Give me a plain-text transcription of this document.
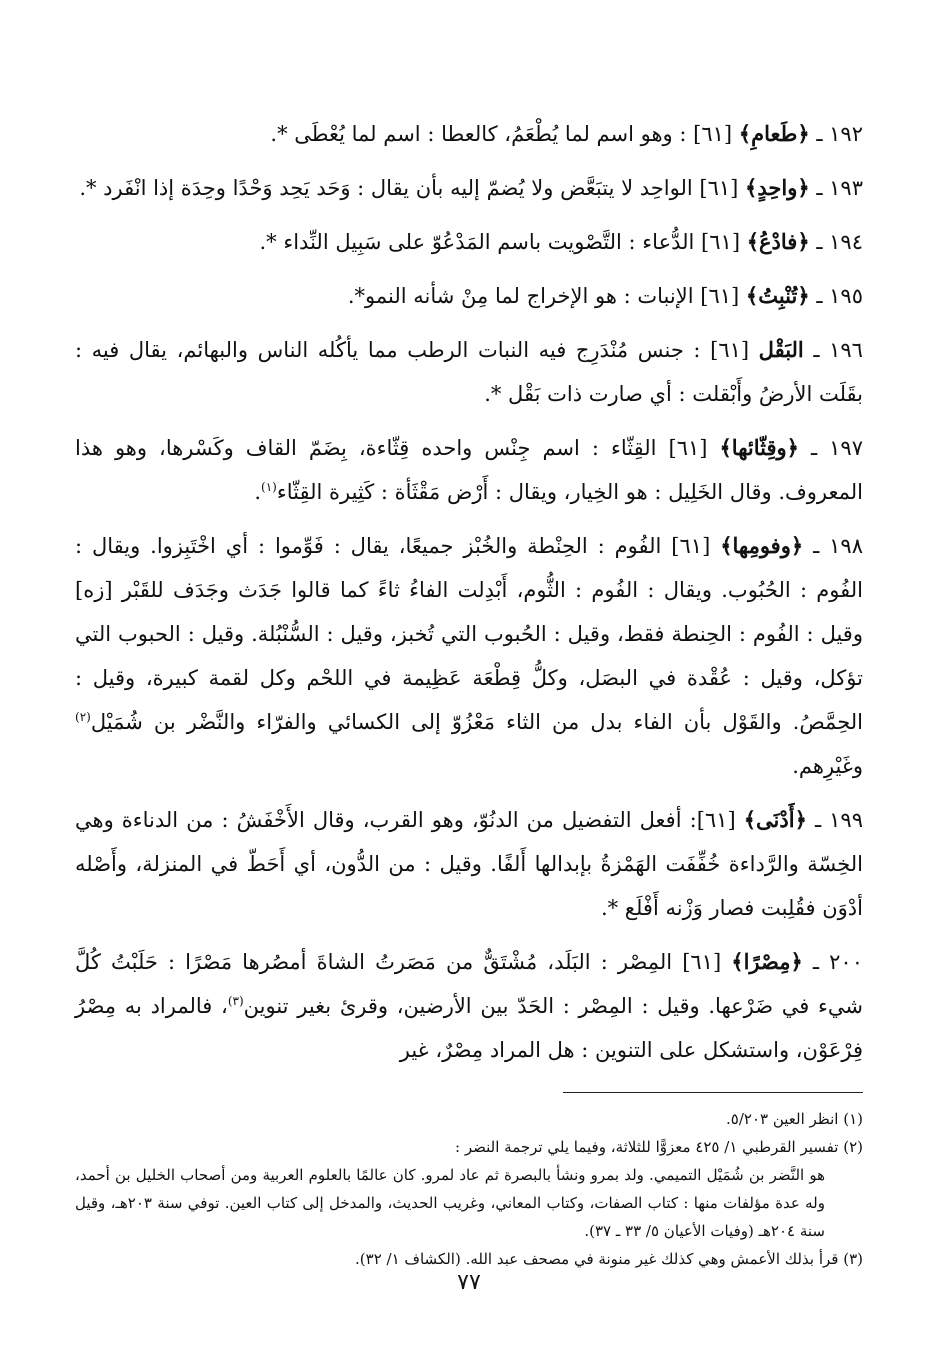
١٩٢ ـ ﴿طَعامِ﴾ [٦١] : وهو اسم لما يُطْعَمُ، كالعطا : اسم لما يُعْطَى *.

١٩٣ ـ ﴿واحِدٍ﴾ [٦١] الواحِد لا يتبَعَّض ولا يُضمّ إليه بأن يقال : وَحَد يَحِد وَحْدًا وحِدَة إذا انْفَرد *.

١٩٤ ـ ﴿فادْعُ﴾ [٦١] الدُّعاء : التَّصْويت باسم المَدْعُوّ على سَبِيل النِّداء *.

١٩٥ ـ ﴿تُنْبِتُ﴾ [٦١] الإنبات : هو الإخراج لما مِنْ شأنه النمو*.

١٩٦ ـ البَقْل [٦١] : جنس مُنْدَرِج فيه النبات الرطب مما يأكُله الناس والبهائم، يقال فيه : بقَلَت الأرضُ وأَبْقلت : أي صارت ذات بَقْل *.

١٩٧ ـ ﴿وقِثّائها﴾ [٦١] القِثّاء : اسم جِنْس واحده قِثّاءة، بِضَمّ القاف وكَسْرها، وهو هذا المعروف. وقال الخَلِيل : هو الخِيار، ويقال : أَرْض مَقْثَأة : كَثِيرة القِثّاء$^{(١)}$.

١٩٨ ـ ﴿وفومِها﴾ [٦١] الفُوم : الحِنْطة والخُبْز جميعًا، يقال : فَوِّموا : أي اخْتَبِزوا. ويقال : الفُوم : الحُبُوب. ويقال : الفُوم : الثُّوم، أَبْدِلت الفاءُ ثاءً كما قالوا جَدَث وجَدَف للقَبْر [زه] وقيل : الفُوم : الحِنطة فقط، وقيل : الحُبوب التي تُخبز، وقيل : السُّنْبُلة. وقيل : الحبوب التي تؤكل، وقيل : عُقْدة في البصَل، وكلُّ قِطْعَة عَظِيمة في اللحْم وكل لقمة كبيرة، وقيل : الحِمَّصُ. والقَوْل بأن الفاء بدل من الثاء مَعْزُوّ إلى الكسائي والفرّاء والنَّضْر بن شُمَيْل$^{(٢)}$ وغَيْرِهم.

١٩٩ ـ ﴿أَدْنَى﴾ [٦١]: أفعل التفضيل من الدنُوّ، وهو القرب، وقال الأَخْفَشُ : من الدناءة وهي الخِسّة والرَّداءة خُفِّفَت الهَمْزةُ بإبدالها أَلفًا. وقيل : من الدُّون، أي أَحَطّ في المنزلة، وأَصْله أدْوَن فقُلِبت فصار وَزْنه أَفْلَع *.

٢٠٠ ـ ﴿مِصْرًا﴾ [٦١] المِصْر : البَلَد، مُشْتَقٌّ من مَصَرتُ الشاةَ أمصُرها مَصْرًا : حَلَبْتُ كُلَّ شيء في ضَرْعها. وقيل : المِصْر : الحَدّ بين الأرضين، وقرئ بغير تنوين$^{(٣)}$، فالمراد به مِصْرُ فِرْعَوْن، واستشكل على التنوين : هل المراد مِصْرٌ، غير

(١) انظر العين ٥/٢٠٣.

(٢) تفسير القرطبي ١/ ٤٢٥ معزوًّا للثلاثة، وفيما يلي ترجمة النضر :
هو النَّضر بن شُمَيْل التميمي. ولد بمرو ونشأ بالبصرة ثم عاد لمرو. كان عالمًا بالعلوم العربية ومن أصحاب الخليل بن أحمد، وله عدة مؤلفات منها : كتاب الصفات، وكتاب المعاني، وغريب الحديث، والمدخل إلى كتاب العين. توفي سنة ٢٠٣هـ، وقيل سنة ٢٠٤هـ (وفيات الأعيان ٥/ ٣٣ ـ ٣٧).

(٣) قرأ بذلك الأعمش وهي كذلك غير منونة في مصحف عبد الله. (الكشاف ١/ ٣٢).

٧٧
